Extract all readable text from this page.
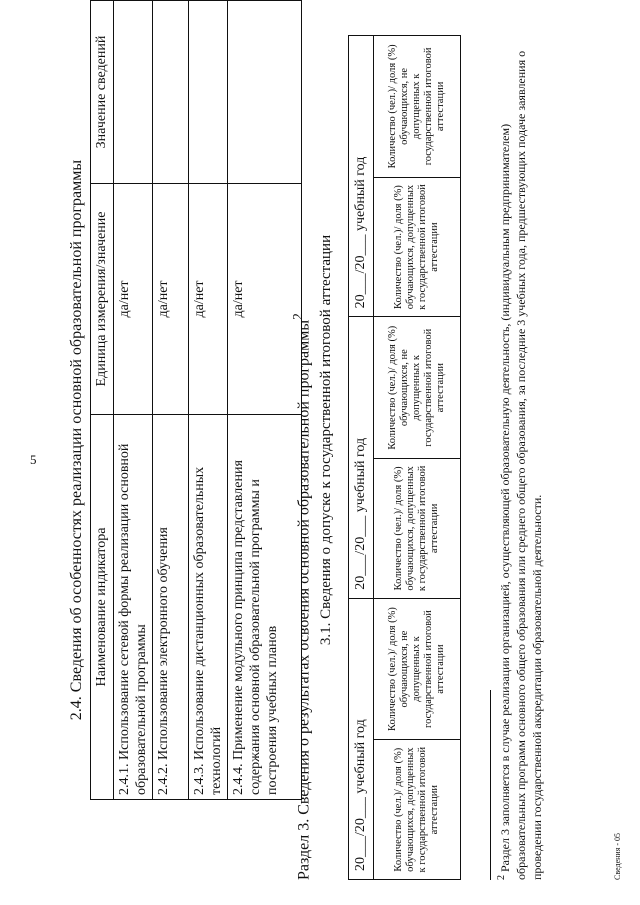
5 2.4. Сведения об особенностях реализации основной образовательной программы Наименование индикатора	Единица измерения/значение	Значение сведений
2.4.1. Использование сетевой формы реализации основной образовательной программы	да/нет	
2.4.2. Использование электронного обучения	да/нет	
2.4.3. Использование дистанционных образовательных технологий	да/нет	
2.4.4. Применение модульного принципа представления содержания основной образовательной программы и построения учебных планов	да/нет	
Раздел 3. Сведения о результатах освоения основной образовательной программы$^2$ 3.1. Сведения о допуске к государственной итоговой аттестации
20___/20___ учебный год		20___/20___ учебный год		20___/20___ учебный год	
Количество (чел.)/ доля (%) обучающихся, допущенных к государственной итоговой аттестации	Количество (чел.)/ доля (%) обучающихся, не допущенных к государственной итоговой аттестации	Количество (чел.)/ доля (%) обучающихся, допущенных к государственной итоговой аттестации	Количество (чел.)/ доля (%) обучающихся, не допущенных к государственной итоговой аттестации	Количество (чел.)/ доля (%) обучающихся, допущенных к государственной итоговой аттестации	Количество (чел.)/ доля (%) обучающихся, не допущенных к государственной итоговой аттестации
$^2$ Раздел 3 заполняется в случае реализации организацией, осуществляющей образовательную деятельность, (индивидуальным предпринимателем) образовательных программ основного общего образования или среднего общего образования, за последние 3 учебных года, предшествующих подаче заявления о проведении государственной аккредитации образовательной деятельности.	Сведения - 05
